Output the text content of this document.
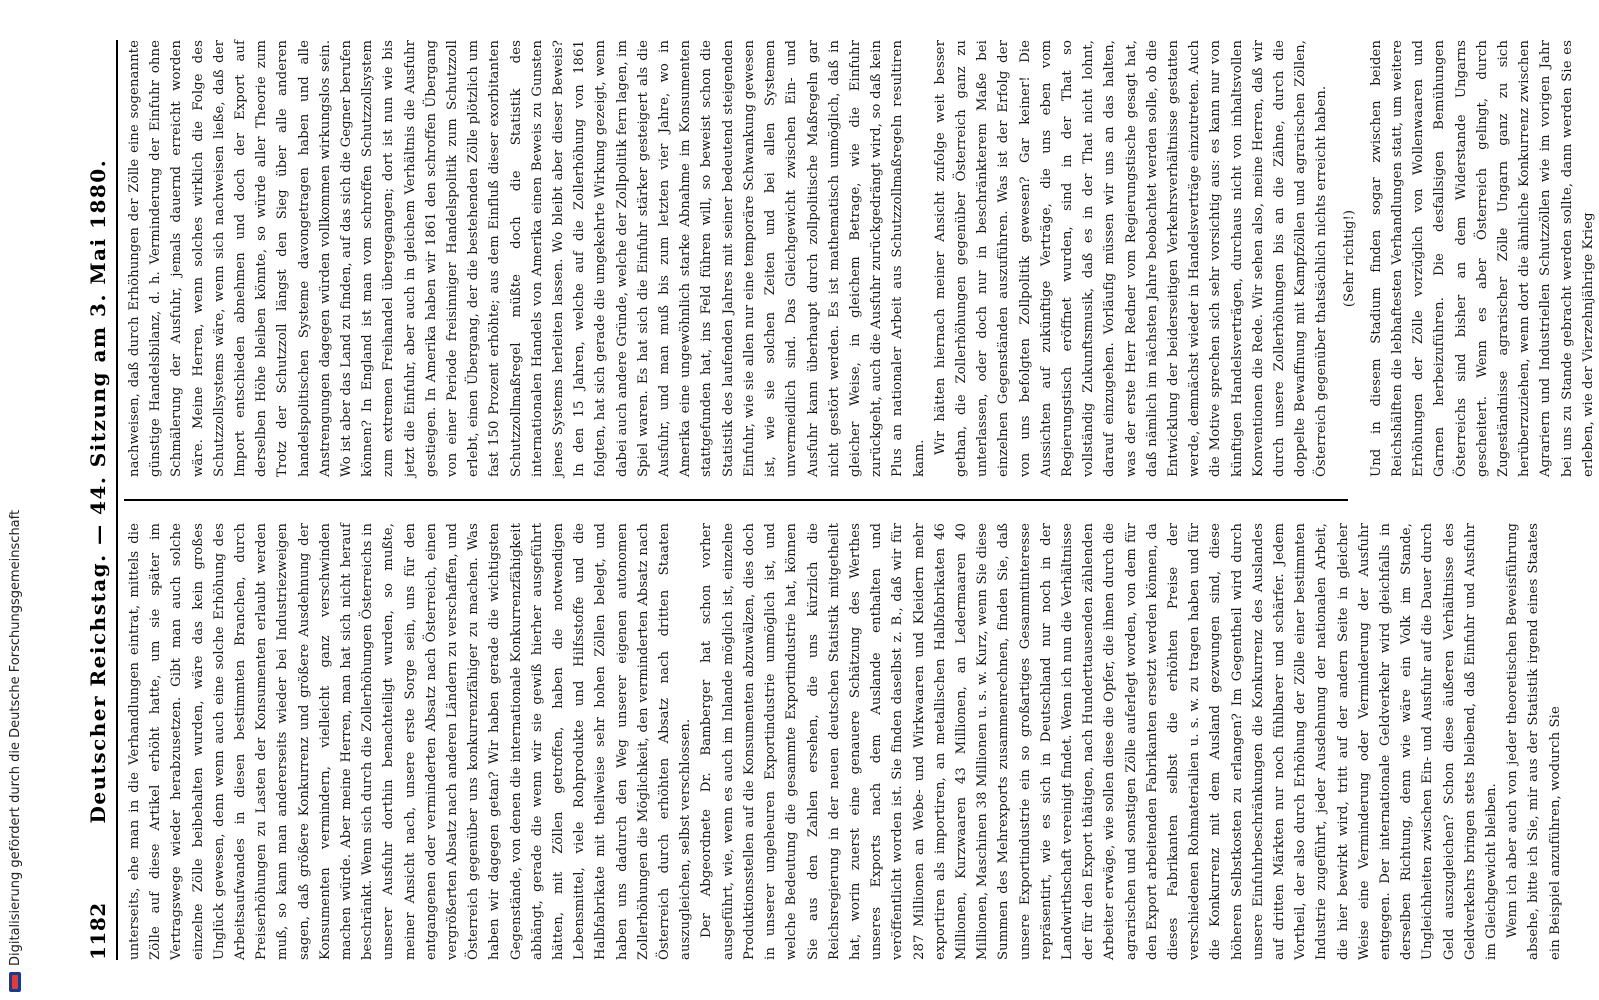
1182
Deutscher Reichstag. — 44. Sitzung am 3. Mai 1880. unterseits, ehe man in die Verhandlungen eintrat, mittels die Zölle auf diese Artikel erhöht hatte, um sie später im Vertragswege wieder herabzusetzen. Gibt man auch solche einzelne Zölle beibehalten wurden, wäre das kein großes Unglück gewesen, denn wenn auch eine solche Erhöhung des Arbeitsaufwandes in diesen bestimmten Branchen, durch Preiserhöhungen zu Lasten der Konsumenten erlaubt werden muß, so kann man andererseits wieder bei Industriezweigen sagen, daß größere Konkurrenz und größere Ausdehnung der Konsumenten vermindern, vielleicht ganz verschwinden machen würde. Aber meine Herren, man hat sich nicht herauf beschränkt. Wenn sich durch die Zollerhöhungen Österreichs in unserer Ausfuhr dorthin benachteiligt wurden, so mußte, meiner Ansicht nach, unsere erste Sorge sein, uns für den entgangenen oder verminderten Absatz nach Österreich, einen vergrößerten Absatz nach anderen Ländern zu verschaffen, und Österreich gegenüber uns konkurrenzfähiger zu machen. Was haben wir dagegen getan? Wir haben gerade die wichtigsten Gegenstände, von denen die internationale Konkurrenzfähigkeit abhängt, gerade die wenn wir sie gewiß hierher ausgeführt hätten, mit Zöllen getroffen, haben die notwendigen Lebensmittel, viele Rohprodukte und Hilfsstoffe und die Halbfabrikate mit theilweise sehr hohen Zöllen belegt, und haben uns dadurch den Weg unserer eigenen autonomen Zollerhöhungen die Möglichkeit, den verminderten Absatz nach Österreich durch erhöhten Absatz nach dritten Staaten auszugleichen, selbst verschlossen. Der Abgeordnete Dr. Bamberger hat schon vorher ausgeführt, wie, wenn es auch im Inlande möglich ist, einzelne Produktionsstellen auf die Konsumenten abzuwälzen, dies doch in unserer ungeheuren Exportindustrie unmöglich ist, und welche Bedeutung die gesammte Exportindustrie hat, können Sie aus den Zahlen ersehen, die uns kürzlich die Reichsregierung in der neuen deutschen Statistik mitgetheilt hat, worin zuerst eine genauere Schätzung des Werthes unseres Exports nach dem Auslande enthalten und veröffentlicht worden ist. Sie finden daselbst z. B., daß wir für 287 Millionen an Webe- und Wirkwaaren und Kleidern mehr exportiren als importiren, an metallischen Halbfabrikaten 46 Millionen, Kurzwaaren 43 Millionen, an Ledermaaren 40 Millionen, Maschinen 38 Millionen u. s. w. Kurz, wenn Sie diese Summen des Mehrexports zusammenrechnen, finden Sie, daß unsere Exportindustrie ein so großartiges Gesammtinteresse repräsentirt, wie es sich in Deutschland nur noch in der Landwirthschaft vereinigt findet. Wenn ich nun die Verhältnisse der für den Export thätigen, nach Hunderttausenden zählenden Arbeiter erwäge, wie sollen diese die Opfer, die ihnen durch die agrarischen und sonstigen Zölle auferlegt worden, von dem für den Export arbeitenden Fabrikanten ersetzt werden können, da dieses Fabrikanten selbst die erhöhten Preise der verschiedenen Rohmaterialien u. s. w. zu tragen haben und für die Konkurrenz mit dem Ausland gezwungen sind, diese höheren Selbstkosten zu erlangen? Im Gegentheil wird durch unsere Einfuhrbeschränkungen die Konkurrenz des Auslandes auf dritten Märkten nur noch fühlbarer und schärfer. Jedem Vortheil, der also durch Erhöhung der Zölle einer bestimmten Industrie zugeführt, jeder Ausdehnung der nationalen Arbeit, die hier bewirkt wird, tritt auf der andern Seite in gleicher Weise eine Verminderung oder Verminderung der Ausfuhr entgegen. Der internationale Geldverkehr wird gleichfalls in derselben Richtung, denn wie wäre ein Volk im Stande, Ungleichheiten zwischen Ein- und Ausfuhr auf die Dauer durch Geld auszugleichen? Schon diese äußeren Verhältnisse des Geldverkehrs bringen stets bleibend, daß Einfuhr und Ausfuhr im Gleichgewicht bleiben. Wenn ich aber auch von jeder theoretischen Beweisführung absehe, bitte ich Sie, mir aus der Statistik irgend eines Staates ein Beispiel anzuführen, wodurch Sie

nachweisen, daß durch Erhöhungen der Zölle eine sogenannte günstige Handelsbilanz, d. h. Verminderung der Einfuhr ohne Schmälerung der Ausfuhr, jemals dauernd erreicht worden wäre. Meine Herren, wenn solches wirklich die Folge des Schutzzollsystems wäre, wenn sich nachweisen ließe, daß der Import entschieden abnehmen und doch der Export auf derselben Höhe bleiben könnte, so würde aller Theorie zum Trotz der Schutzzoll längst den Sieg über alle anderen handelspolitischen Systeme davongetragen haben und alle Anstrengungen dagegen würden vollkommen wirkungslos sein. Wo ist aber das Land zu finden, auf das sich die Gegner berufen können? In England ist man vom schroffen Schutzzollsystem zum extremen Freihandel übergegangen; dort ist nun wie bis jetzt die Einfuhr, aber auch in gleichem Verhältnis die Ausfuhr gestiegen. In Amerika haben wir 1861 den schroffen Übergang von einer Periode freisinniger Handelspolitik zum Schutzzoll erlebt, einen Übergang, der die bestehenden Zölle plötzlich um fast 150 Prozent erhöhte; aus dem Einfluß dieser exorbitanten Schutzzollmaßregel müßte doch die Statistik des internationalen Handels von Amerika einen Beweis zu Gunsten jenes Systems herleiten lassen. Wo bleibt aber dieser Beweis? In den 15 Jahren, welche auf die Zollerhöhung von 1861 folgten, hat sich gerade die umgekehrte Wirkung gezeigt, wenn dabei auch andere Gründe, welche der Zollpolitik fern lagen, im Spiel waren. Es hat sich die Einfuhr stärker gesteigert als die Ausfuhr, und man muß bis zum letzten vier Jahre, wo in Amerika eine ungewöhnlich starke Abnahme im Konsumenten stattgefunden hat, ins Feld führen will, so beweist schon die Statistik des laufenden Jahres mit seiner bedeutend steigenden Einfuhr, wie sie allen nur eine temporäre Schwankung gewesen ist, wie sie solchen Zeiten und bei allen Systemen unvermeidlich sind. Das Gleichgewicht zwischen Ein- und Ausfuhr kann überhaupt durch zollpolitische Maßregeln gar nicht gestört werden. Es ist mathematisch unmöglich, daß in gleicher Weise, in gleichem Betrage, wie die Einfuhr zurückgeht, auch die Ausfuhr zurückgedrängt wird, so daß kein Plus an nationaler Arbeit aus Schutzzollmaßregeln resultiren kann.

Wir hätten hiernach meiner Ansicht zufolge weit besser gethan, die Zollerhöhungen gegenüber Österreich ganz zu unterlassen, oder doch nur in beschränkterem Maße bei einzelnen Gegenständen auszuführen. Was ist der Erfolg der von uns befolgten Zollpolitik gewesen? Gar keiner! Die Aussichten auf zukünftige Verträge, die uns eben vom Regierungstisch eröffnet wurden, sind in der That so vollständig Zukunftsmusik, daß es in der That nicht lohnt, darauf einzugehen. Vorläufig müssen wir uns an das halten, was der erste Herr Redner vom Regierungstische gesagt hat, daß nämlich im nächsten Jahre beobachtet werden solle, ob die Entwicklung der beiderseitigen Verkehrsverhältnisse gestatten werde, demnächst wieder in Handelsverträge einzutreten. Auch die Motive sprechen sich sehr vorsichtig aus: es kann nur von künftigen Handelsverträgen, durchaus nicht von inhaltsvollen Konventionen die Rede. Wir sehen also, meine Herren, daß wir durch unsere Zollerhöhungen bis an die Zähne, durch die doppelte Bewaffnung mit Kampfzöllen und agrarischen Zöllen, Österreich gegenüber thatsächlich nichts erreicht haben. (Sehr richtig!) Und in diesem Stadium finden sogar zwischen beiden Reichshälften die lebhaftesten Verhandlungen statt, um weitere Erhöhungen der Zölle vorzüglich von Wollenwaaren und Garnen herbeizuführen. Die desfallsigen Bemühungen Österreichs sind bisher an dem Widerstande Ungarns gescheitert. Wenn es aber Österreich gelingt, durch Zugeständnisse agrarischer Zölle Ungarn ganz zu sich herüberzuziehen, wenn dort die ähnliche Konkurrenz zwischen Agrariern und Industriellen Schutzzöllen wie im vorigen Jahr bei uns zu Stande gebracht werden sollte, dann werden Sie es erleben, wie der Vierzehnjährige Krieg

Digitalisierung gefördert durch die Deutsche Forschungsgemeinschaft
